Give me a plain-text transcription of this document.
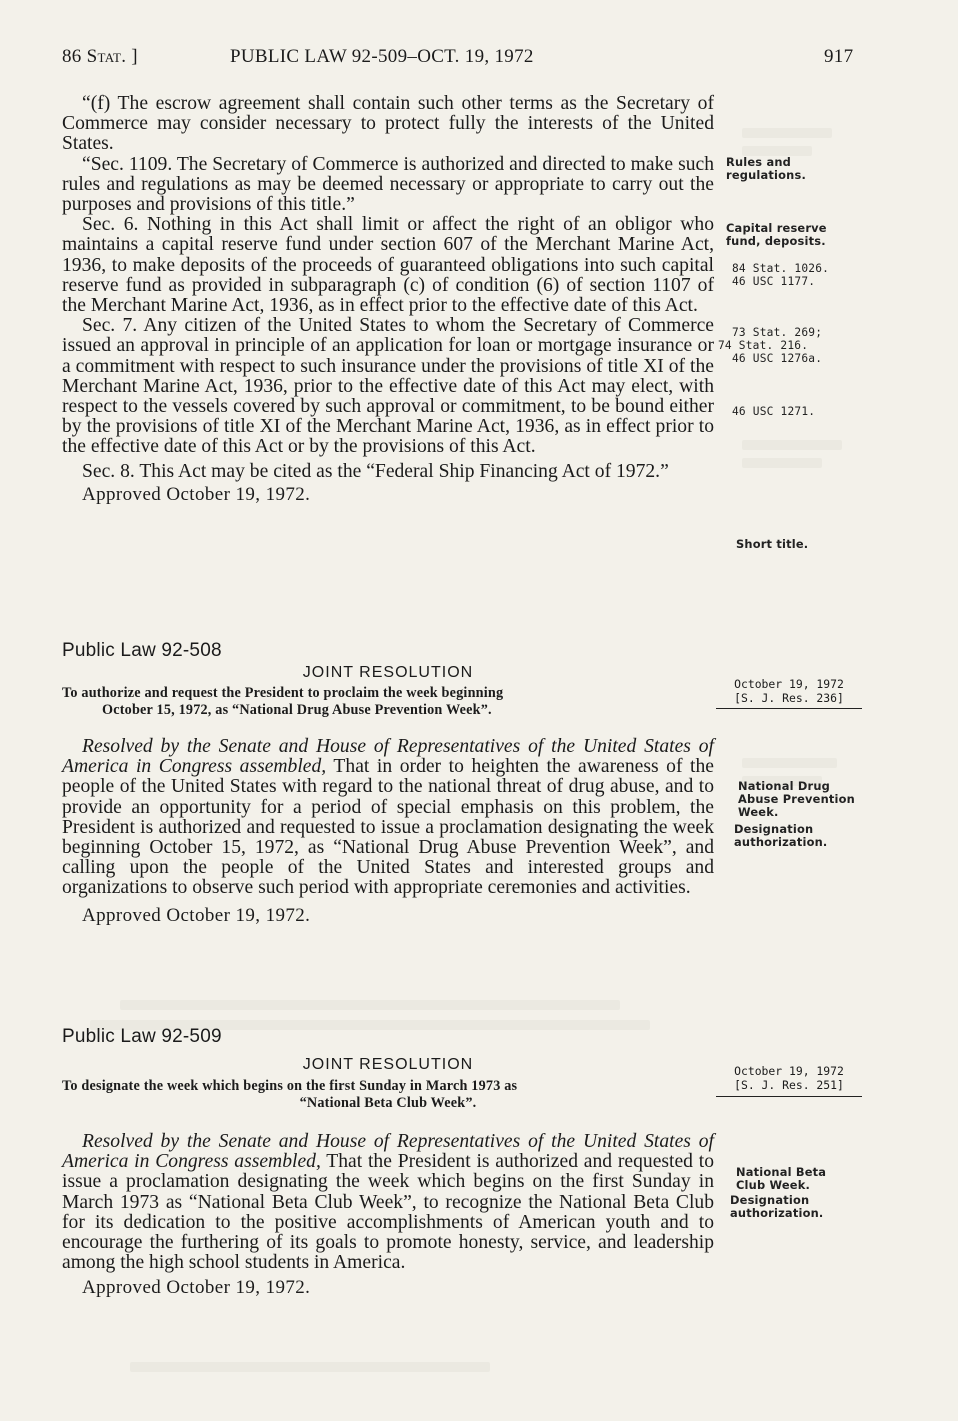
86 Stat. ]	PUBLIC LAW 92-509–OCT. 19, 1972	917

“(f) The escrow agreement shall contain such other terms as the Secretary of Commerce may consider necessary to protect fully the interests of the United States.

“Sec. 1109. The Secretary of Commerce is authorized and directed to make such rules and regulations as may be deemed necessary or appropriate to carry out the purposes and provisions of this title.”

Sec. 6. Nothing in this Act shall limit or affect the right of an obligor who maintains a capital reserve fund under section 607 of the Merchant Marine Act, 1936, to make deposits of the proceeds of guaranteed obligations into such capital reserve fund as provided in subparagraph (c) of condition (6) of section 1107 of the Merchant Marine Act, 1936, as in effect prior to the effective date of this Act.

Sec. 7. Any citizen of the United States to whom the Secretary of Commerce issued an approval in principle of an application for loan or mortgage insurance or a commitment with respect to such insurance under the provisions of title XI of the Merchant Marine Act, 1936, prior to the effective date of this Act may elect, with respect to the vessels covered by such approval or commitment, to be bound either by the provisions of title XI of the Merchant Marine Act, 1936, as in effect prior to the effective date of this Act or by the provisions of this Act.

Sec. 8. This Act may be cited as the “Federal Ship Financing Act of 1972.”

Approved October 19, 1972.

Public Law 92-508

JOINT RESOLUTION

To authorize and request the President to proclaim the week beginning
October 15, 1972, as “National Drug Abuse Prevention Week”.

Resolved by the Senate and House of Representatives of the United States of America in Congress assembled, That in order to heighten the awareness of the people of the United States with regard to the national threat of drug abuse, and to provide an opportunity for a period of special emphasis on this problem, the President is authorized and requested to issue a proclamation designating the week beginning October 15, 1972, as “National Drug Abuse Prevention Week”, and calling upon the people of the United States and interested groups and organizations to observe such period with appropriate ceremonies and activities.

Approved October 19, 1972.

Public Law 92-509

JOINT RESOLUTION

To designate the week which begins on the first Sunday in March 1973 as
“National Beta Club Week”.

Resolved by the Senate and House of Representatives of the United States of America in Congress assembled, That the President is authorized and requested to issue a proclamation designating the week which begins on the first Sunday in March 1973 as “National Beta Club Week”, to recognize the National Beta Club for its dedication to the positive accomplishments of American youth and to encourage the furthering of its goals to promote honesty, service, and leadership among the high school students in America.

Approved October 19, 1972.

Rules and regulations.
Capital reserve fund, deposits.
84 Stat. 1026.
46 USC 1177.
73 Stat. 269;
74 Stat. 216.
46 USC 1276a.
46 USC 1271.
Short title.
October 19, 1972
[S. J. Res. 236]
National Drug Abuse Prevention Week.
Designation authorization.
October 19, 1972
[S. J. Res. 251]
National Beta Club Week.
Designation authorization.
